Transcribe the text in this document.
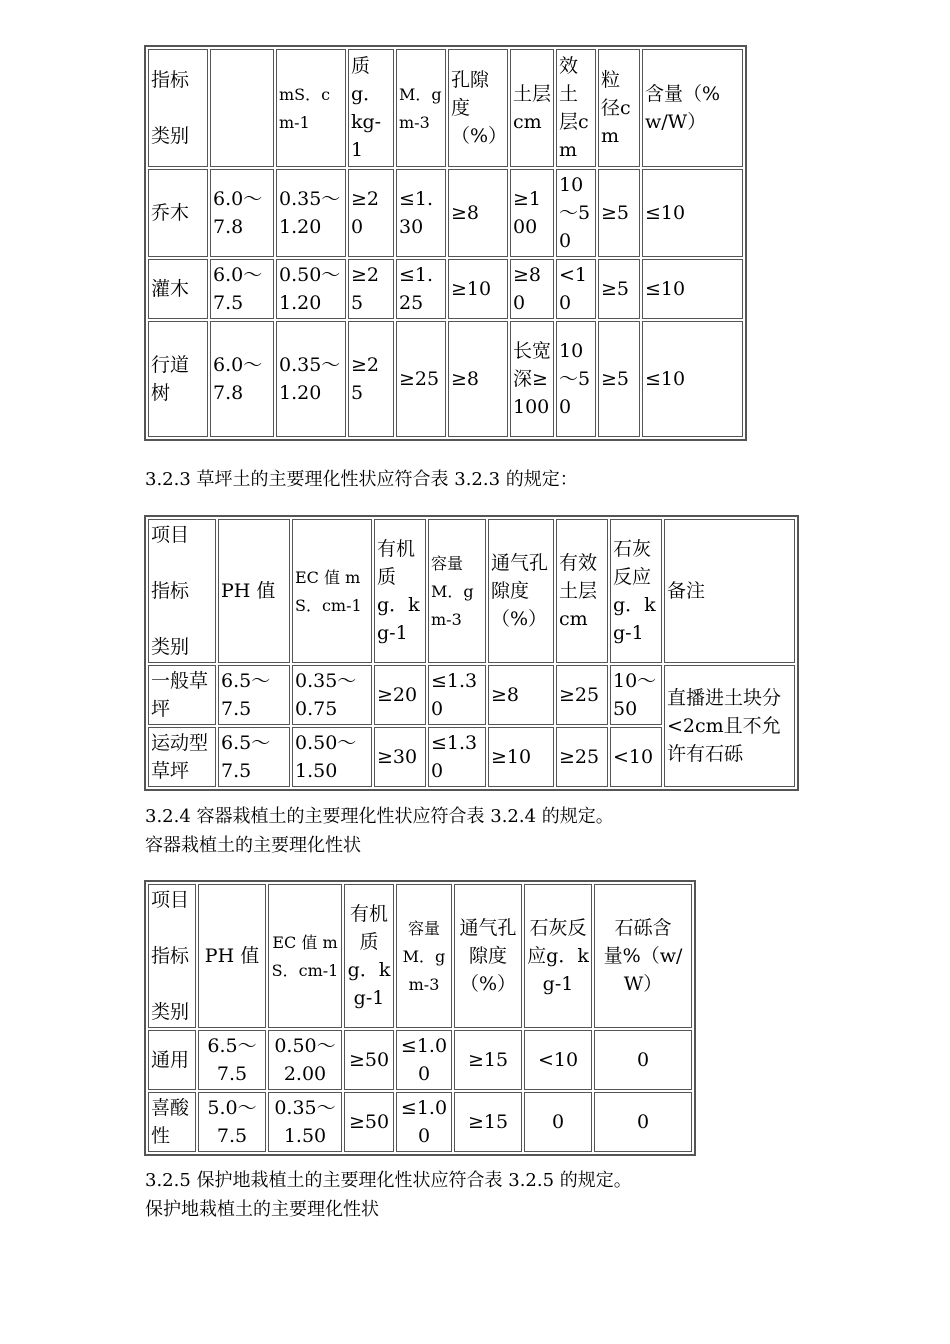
指标

类别		mS．cm-1	质g．kg-1	M．gm-3	孔隙度（%）	土层cm	效土层cm	粒径cm	含量（%w/W）
乔木	6.0～7.8	0.35～1.20	≥20	≤1.30	≥8	≥100	10～50	≥5	≤10
灌木	6.0～7.5	0.50～1.20	≥25	≤1.25	≥10	≥80	<10	≥5	≤10
行道树	6.0～7.8	0.35～1.20	≥25	≥25	≥8	长宽深≥100	10～50	≥5	≤10
3.2.3 草坪土的主要理化性状应符合表 3.2.3 的规定：
项目

指标

类别	PH 值	EC 值 mS．cm-1	有机质g．kg-1	容量M．gm-3	通气孔隙度（%）	有效土层cm	石灰反应g．kg-1	备注
一般草坪	6.5～7.5	0.35～0.75	≥20	≤1.30	≥8	≥25	10～50	直播进土块分<2cm且不允许有石砾
运动型草坪	6.5～7.5	0.50～1.50	≥30	≤1.30	≥10	≥25	<10	
3.2.4 容器栽植土的主要理化性状应符合表 3.2.4 的规定。
容器栽植土的主要理化性状
项目

指标

类别	PH 值	EC 值 mS．cm-1	有机质g．kg-1	容量M．gm-3	通气孔隙度（%）	石灰反应g．kg-1	石砾含量%（w/W）
通用	6.5～7.5	0.50～2.00	≥50	≤1.00	≥15	<10	0
喜酸性	5.0～7.5	0.35～1.50	≥50	≤1.00	≥15	0	0
3.2.5 保护地栽植土的主要理化性状应符合表 3.2.5 的规定。
保护地栽植土的主要理化性状
